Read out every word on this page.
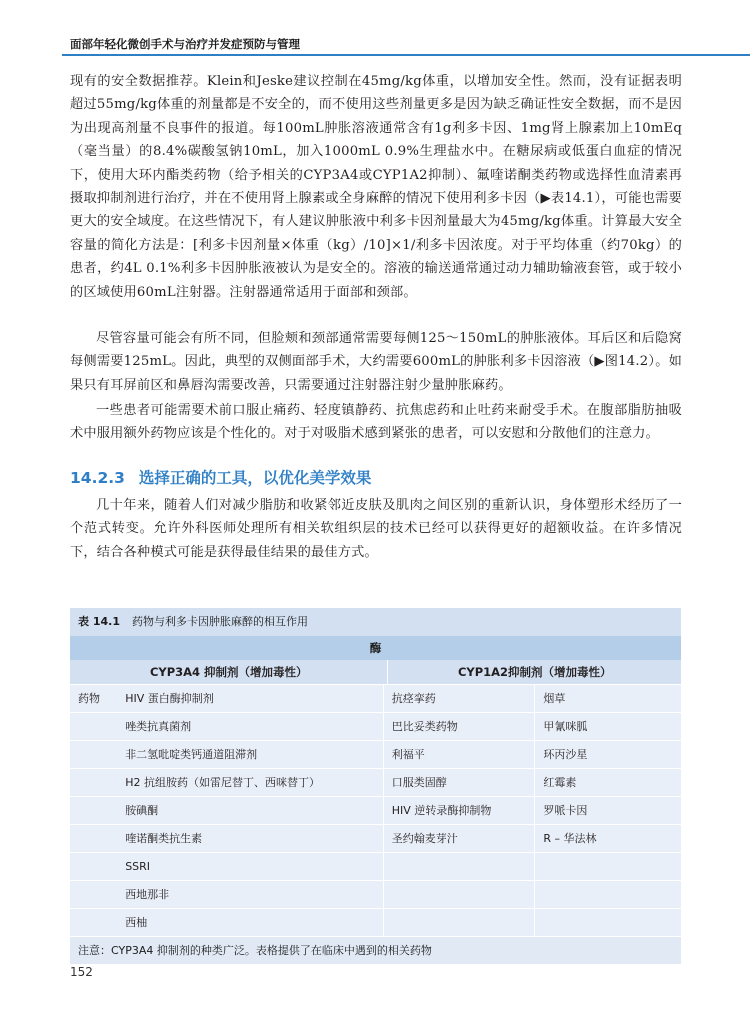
面部年轻化微创手术与治疗并发症预防与管理

现有的安全数据推荐。Klein和Jeske建议控制在45mg/kg体重，以增加安全性。然而，没有证据表明超过55mg/kg体重的剂量都是不安全的，而不使用这些剂量更多是因为缺乏确证性安全数据，而不是因为出现高剂量不良事件的报道。每100mL肿胀溶液通常含有1g利多卡因、1mg肾上腺素加上10mEq（毫当量）的8.4%碳酸氢钠10mL，加入1000mL 0.9%生理盐水中。在糖尿病或低蛋白血症的情况下，使用大环内酯类药物（给予相关的CYP3A4或CYP1A2抑制）、氟喹诺酮类药物或选择性血清素再摄取抑制剂进行治疗，并在不使用肾上腺素或全身麻醉的情况下使用利多卡因（▶表14.1），可能也需要更大的安全域度。在这些情况下，有人建议肿胀液中利多卡因剂量最大为45mg/kg体重。计算最大安全容量的简化方法是：[利多卡因剂量×体重（kg）/10]×1/利多卡因浓度。对于平均体重（约70kg）的患者，约4L 0.1%利多卡因肿胀液被认为是安全的。溶液的输送通常通过动力辅助输液套管，或于较小的区域使用60mL注射器。注射器通常适用于面部和颈部。

尽管容量可能会有所不同，但脸颊和颈部通常需要每侧125～150mL的肿胀液体。耳后区和后隐窝每侧需要125mL。因此，典型的双侧面部手术，大约需要600mL的肿胀利多卡因溶液（▶图14.2）。如果只有耳屏前区和鼻唇沟需要改善，只需要通过注射器注射少量肿胀麻药。

一些患者可能需要术前口服止痛药、轻度镇静药、抗焦虑药和止吐药来耐受手术。在腹部脂肪抽吸术中服用额外药物应该是个性化的。对于对吸脂术感到紧张的患者，可以安慰和分散他们的注意力。

14.2.3 选择正确的工具，以优化美学效果

几十年来，随着人们对减少脂肪和收紧邻近皮肤及肌肉之间区别的重新认识，身体塑形术经历了一个范式转变。允许外科医师处理所有相关软组织层的技术已经可以获得更好的超额收益。在许多情况下，结合各种模式可能是获得最佳结果的最佳方式。

表 14.1 药物与利多卡因肿胀麻醉的相互作用
酶
CYP3A4 抑制剂（增加毒性）	CYP1A2抑制剂（增加毒性）
药物	HIV 蛋白酶抑制剂	抗痉挛药	烟草
唑类抗真菌剂	巴比妥类药物	甲氰咪胍
非二氢吡啶类钙通道阻滞剂	利福平	环丙沙星
H2 抗组胺药（如雷尼替丁、西咪替丁）	口服类固醇	红霉素
胺碘酮	HIV 逆转录酶抑制物	罗哌卡因
喹诺酮类抗生素	圣约翰麦芽汁	R – 华法林
SSRI
西地那非
西柚
注意：CYP3A4 抑制剂的种类广泛。表格提供了在临床中遇到的相关药物
152
